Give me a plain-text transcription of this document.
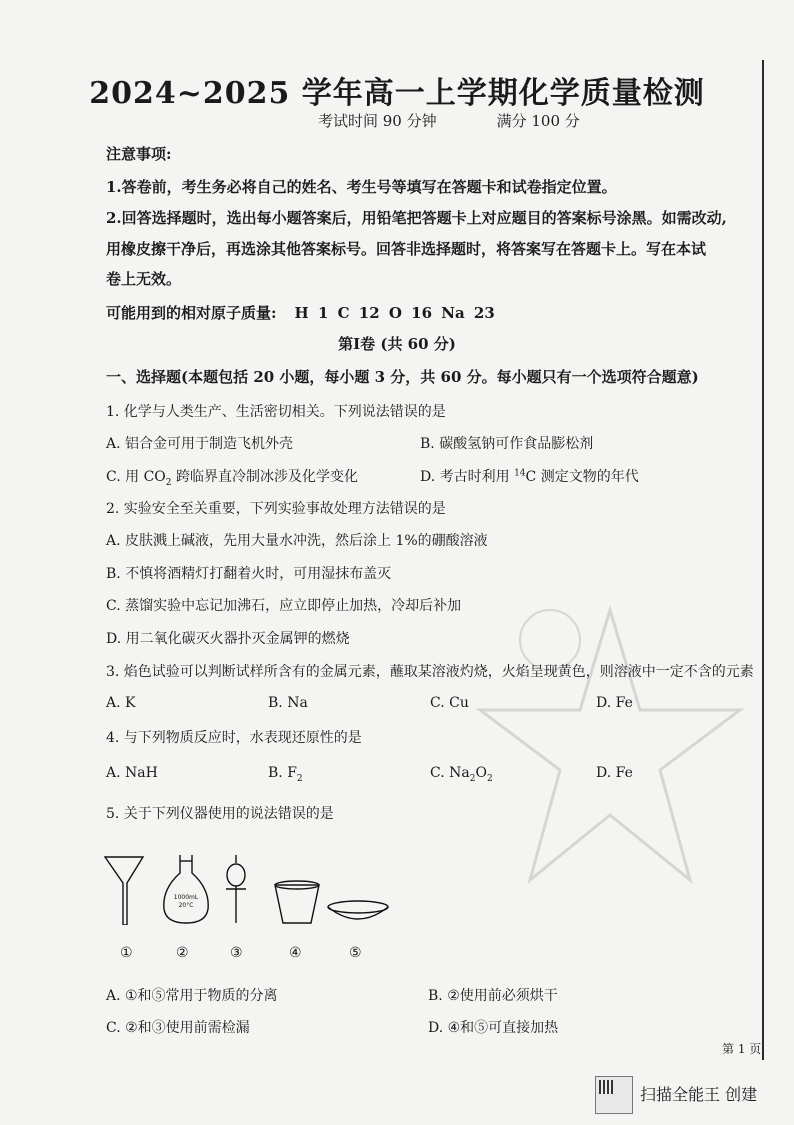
2024~2025 学年高一上学期化学质量检测
考试时间 90 分钟	满分 100 分
注意事项:
1.答卷前，考生务必将自己的姓名、考生号等填写在答题卡和试卷指定位置。
2.回答选择题时，选出每小题答案后，用铅笔把答题卡上对应题目的答案标号涂黑。如需改动,
用橡皮擦干净后，再选涂其他答案标号。回答非选择题时，将答案写在答题卡上。写在本试
卷上无效。
可能用到的相对原子质量: H 1 C 12 O 16 Na 23
第Ⅰ卷 (共 60 分)
一、选择题(本题包括 20 小题，每小题 3 分，共 60 分。每小题只有一个选项符合题意)
1. 化学与人类生产、生活密切相关。下列说法错误的是
A. 铝合金可用于制造飞机外壳	B. 碳酸氢钠可作食品膨松剂
C. 用 $CO_2$ 跨临界直冷制冰涉及化学变化	D. 考古时利用 $^{14}$C 测定文物的年代
2. 实验安全至关重要，下列实验事故处理方法错误的是
A. 皮肤溅上碱液，先用大量水冲洗，然后涂上 1%的硼酸溶液
B. 不慎将酒精灯打翻着火时，可用湿抹布盖灭
C. 蒸馏实验中忘记加沸石，应立即停止加热，冷却后补加
D. 用二氧化碳灭火器扑灭金属钾的燃烧
3. 焰色试验可以判断试样所含有的金属元素，蘸取某溶液灼烧，火焰呈现黄色，则溶液中一定不含的元素
A. K	B. Na	C. Cu	D. Fe
4. 与下列物质反应时，水表现还原性的是
A. NaH	B. $F_2$	C. $Na_2O_2$	D. Fe
5. 关于下列仪器使用的说法错误的是
1000mL
20°C
①	②	③	④	⑤
A. ①和⑤常用于物质的分离	B. ②使用前必须烘干
C. ②和③使用前需检漏	D. ④和⑤可直接加热
第 1 页
扫描全能王 创建
